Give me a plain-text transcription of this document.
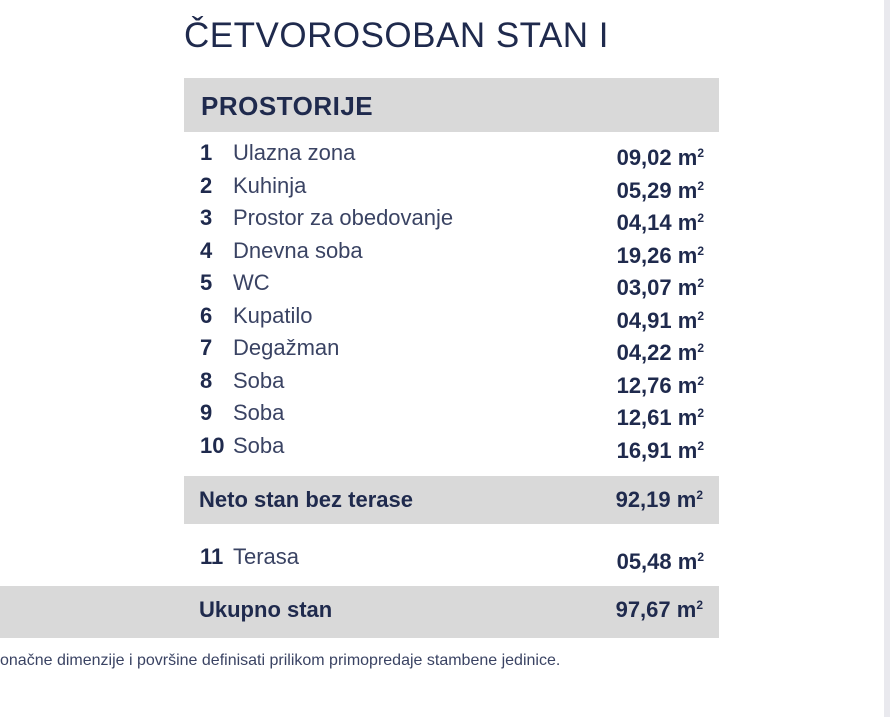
ČETVOROSOBAN STAN I
PROSTORIJE
1 Ulazna zona	09,02 $m^2$
2 Kuhinja	05,29 $m^2$
3 Prostor za obedovanje	04,14 $m^2$
4 Dnevna soba	19,26 $m^2$
5 WC	03,07 $m^2$
6 Kupatilo	04,91 $m^2$
7 Degažman	04,22 $m^2$
8 Soba	12,76 $m^2$
9 Soba	12,61 $m^2$
10 Soba	16,91 $m^2$
Neto stan bez terase	92,19 $m^2$
11 Terasa	05,48 $m^2$
Ukupno stan	97,67 $m^2$
onačne dimenzije i površine definisati prilikom primopredaje stambene jedinice.
